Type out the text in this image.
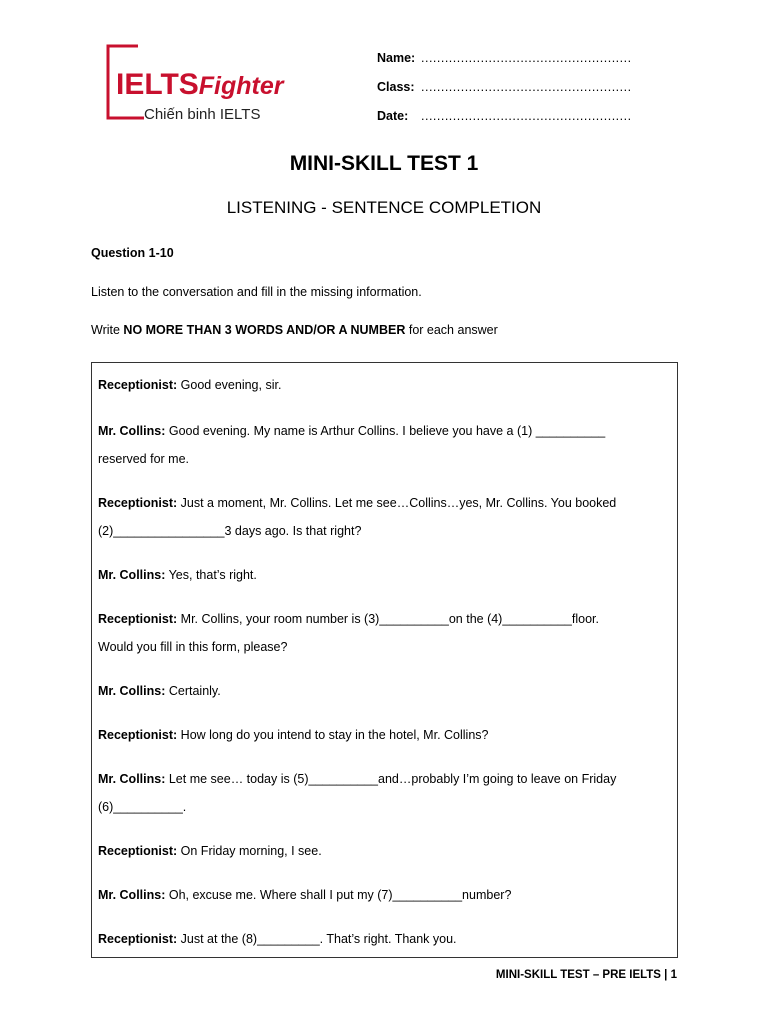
IELTSFighter
Chiến binh IELTS
Name: .....................................................
Class: .....................................................
Date: .....................................................
MINI-SKILL TEST 1
LISTENING - SENTENCE COMPLETION
Question 1-10
Listen to the conversation and fill in the missing information.
Write NO MORE THAN 3 WORDS AND/OR A NUMBER for each answer
Receptionist: Good evening, sir.
Mr. Collins: Good evening. My name is Arthur Collins. I believe you have a (1) __________
reserved for me.
Receptionist: Just a moment, Mr. Collins. Let me see…Collins…yes, Mr. Collins. You booked
(2)________________3 days ago. Is that right?
Mr. Collins: Yes, that’s right.
Receptionist: Mr. Collins, your room number is (3)__________on the (4)__________floor.
Would you fill in this form, please?
Mr. Collins: Certainly.
Receptionist: How long do you intend to stay in the hotel, Mr. Collins?
Mr. Collins: Let me see… today is (5)__________and…probably I’m going to leave on Friday
(6)__________.
Receptionist: On Friday morning, I see.
Mr. Collins: Oh, excuse me. Where shall I put my (7)__________number?
Receptionist: Just at the (8)_________. That’s right. Thank you.
MINI-SKILL TEST – PRE IELTS | 1
